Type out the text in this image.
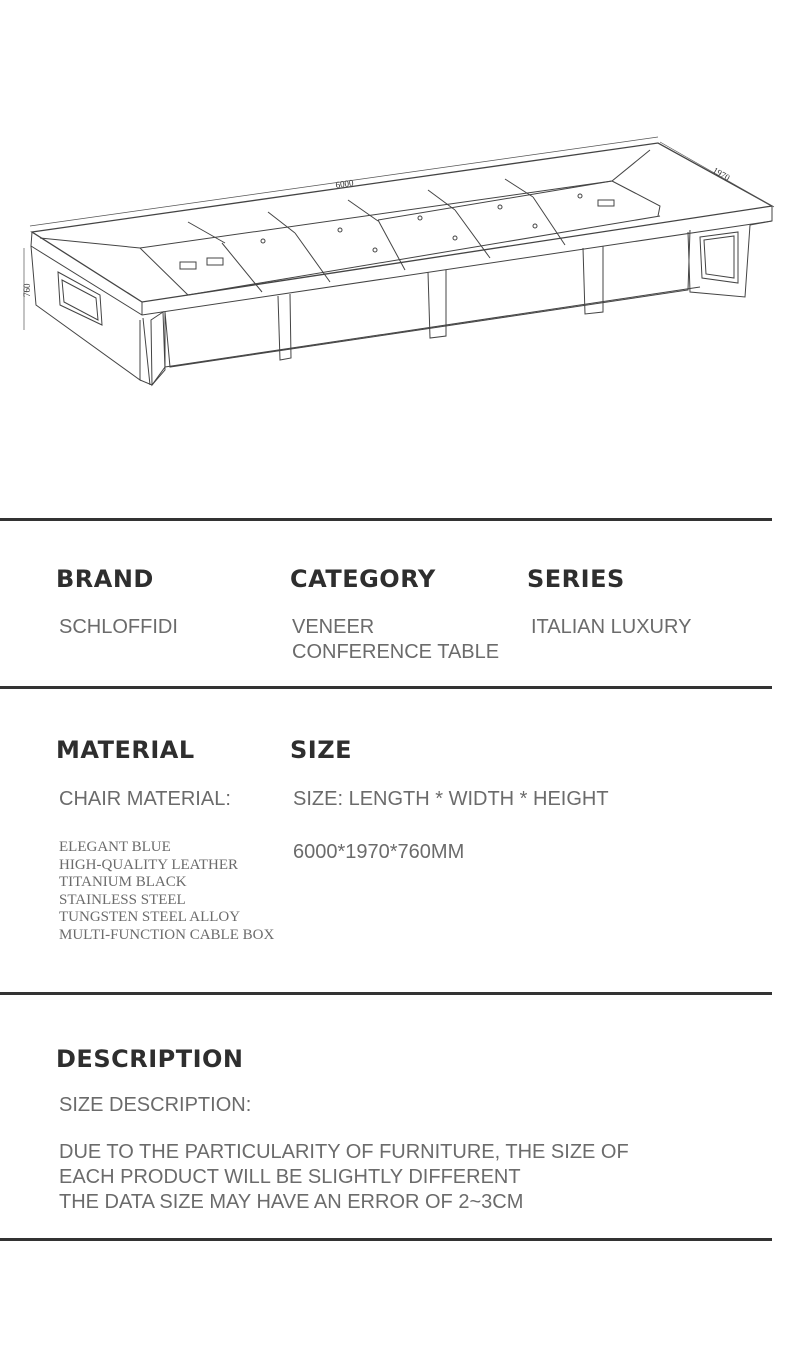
6000
1970
760
BRAND
SCHLOFFIDI
CATEGORY
VENEER
CONFERENCE TABLE
SERIES
ITALIAN LUXURY
MATERIAL
CHAIR MATERIAL:
ELEGANT BLUE
HIGH-QUALITY LEATHER
TITANIUM BLACK
STAINLESS STEEL
TUNGSTEN STEEL ALLOY
MULTI-FUNCTION CABLE BOX
SIZE
SIZE: LENGTH * WIDTH * HEIGHT
6000*1970*760MM
DESCRIPTION
SIZE DESCRIPTION:
DUE TO THE PARTICULARITY OF FURNITURE, THE SIZE OF
EACH PRODUCT WILL BE SLIGHTLY DIFFERENT
THE DATA SIZE MAY HAVE AN ERROR OF 2~3CM
